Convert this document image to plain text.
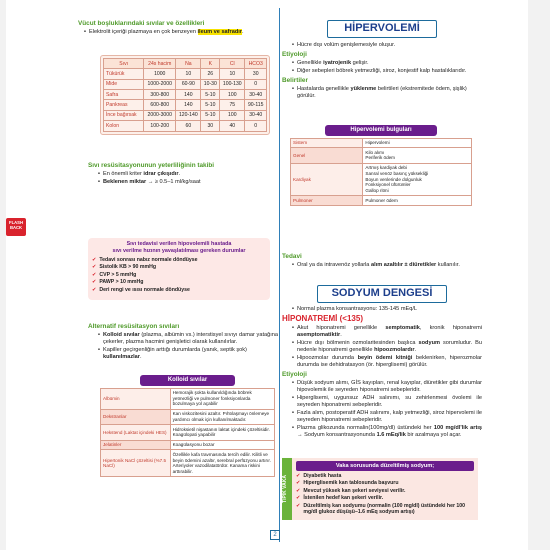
Vücut boşluklarındaki sıvılar ve özellikleri
• Elektrolit içeriği plazmaya en çok benzeyen ileum ve safradır.
Sıvı	24s hacim	Na	K	Cl	HCO3
Tükürük	1000	10	26	10	30
Mide	1000-2000	60-90	10-30	100-130	0
Safra	300-800	140	5-10	100	30-40
Pankreas	600-800	140	5-10	75	90-115
İnce bağırsak	2000-3000	120-140	5-10	100	30-40
Kolon	100-200	60	30	40	0
Sıvı resüsitasyonunun yeterliliğinin takibi
• En önemli kriter idrar çıkışıdır.
• Beklenen miktar → ≥ 0.5–1 ml/kg/saat
Sıvı tedavisi verilen hipovolemili hastada
sıvı verilme hızının yavaşlatılması gereken durumlar
✔ Tedavi sonrası nabız normale döndüyse
✔ Sistolik KB > 90 mmHg
✔ CVP > 5 mmHg
✔ PAWP > 10 mmHg
✔ Deri rengi ve ısısı normale döndüyse
Alternatif resüsitasyon sıvıları
• Kolloid sıvılar (plazma, albümin vs.) interstisyel sıvıyı damar yatağına çekerler, plazma hacmini genişletici olarak kullanılırlar.
• Kapiller geçirgenliğin arttığı durumlarda (yanık, septik şok) kullanılmazlar.
Kolloid sıvılar
Albümin	Hemorajik şokta kullanıldığında böbrek yetmezliği ve pulmoner fonksiyonlarda bozulmaya yol açabilir
Dekstranlar	Kan viskozitesini azaltır. Pıhtılaşmayı önlemeye yardımcı olmak için kullanılmaktadır.
Hekstend (Laktat içindeki HES)	Hidroksietil nişastanın laktat içindeki çözeltisidir. Koagülopati yapabilir
Jelatinler	Koagülasyonu bozar
Hipertonik NaCl çözeltisi (%7.5 NaCl)	Özellikle kafa travmasında tercih edilir. Kilitli ve beyin ödemini azaltır, serebral perfüzyonu artırır. Arteriyoler vazodilatatördür. Kanama riskini arttırabilir.
FLASH BACK
HİPERVOLEMİ
• Hücre dışı volüm genişlemesiyle oluşur.
Etiyoloji
• Genellikle iyatrojenik gelişir.
• Diğer sebepleri böbrek yetmezliği, siroz, konjestif kalp hastalıklarıdır.
Belirtiler
• Hastalarda genellikle yüklenme belirtileri (ekstremitede ödem, şişlik) görülür.
Hipervolemi bulguları
Sistem	Hipervolemi
Genel	Kilo alımı
Periferik ödem
Kardiyak	Artmış kardiyak debi
Sanral venöz basınç yüksekliği
Boyun venlerinde dolgunluk
Fonksiyonel üfürümler
Gallop ritmi
Pulmoner	Pulmoner ödem
Tedavi
• Oral ya da intravenöz yollarla alım azaltılır ± diüretikler kullanılır.
SODYUM DENGESİ
• Normal plazma konsantrasyonu: 135-145 mEq/L
HİPONATREMİ (<135)
• Akut hiponatremi genellikle semptomatik, kronik hiponatremi asemptomatiktir.
• Hücre dışı bölmenin ozmolaritesinden başlıca sodyum sorumludur. Bu nedenle hiponatremi genellikle hipoozmolardır.
• Hipoozmolar durumda beyin ödemi kitniği beklenirken, hiperozmolar durumda ise dehidratasyon (ör. hiperglisemi) görülür.
Etiyoloji
• Düşük sodyum alımı, GİS kayıpları, renal kayıplar, diüretikler gibi durumlar hipovolemik ile seyreden hiponatremi sebepleridir.
• Hiperglisemi, uygunsuz ADH salınımı, su zehirlenmesi övolemi ile seyreden hiponatremi sebepleridir.
• Fazla alım, postoperatif ADH salınımı, kalp yetmezliği, siroz hipervolemi ile seyreden hiponatremi sebepleridir.
• Plazma glikozunda normalin(100mg/dl) üstündeki her 100 mg/dl'lik artış → Sodyum konsantrasyonunda 1.6 mEq/lik bir azalmaya yol açar.
TİPİK VAKA
Vaka sorusunda düzeltilmiş sodyum;
✔ Diyabetik hasta
✔ Hiperglisemik kan tablosunda başvuru
✔ Mevcut yüksek kan şekeri seviyesi verilir.
✔ İstenilen hedef kan şekeri verilir.
✔ Düzeltilmiş kan sodyumu (normalin (100 mg/dl) üstündeki her 100 mg/dl glukoz düşüşü–1.6 mEq sodyum artışı)
2
